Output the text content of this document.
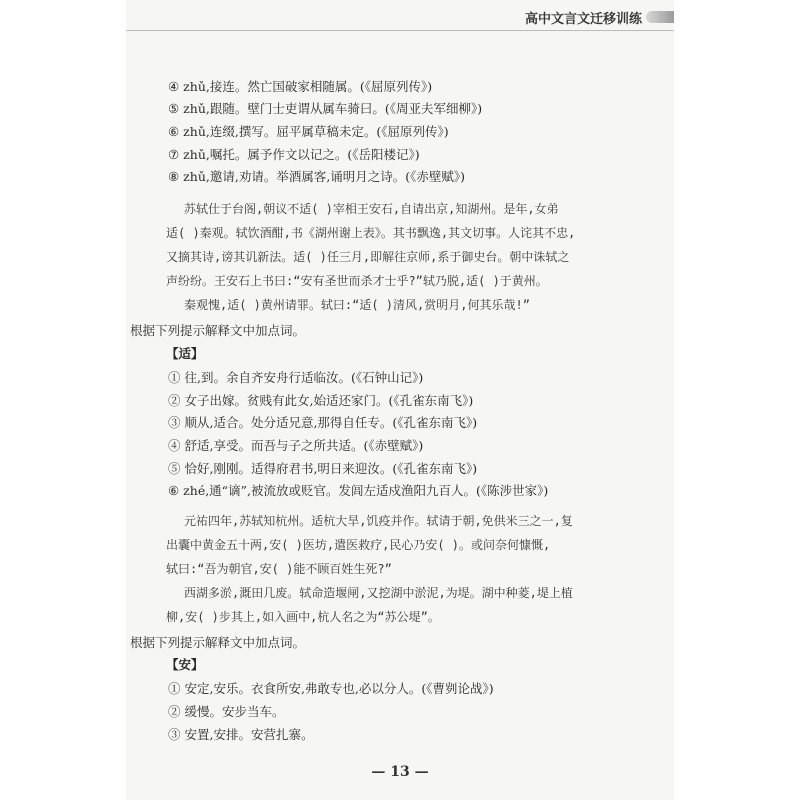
高中文言文迁移训练
④ zhǔ,接连。然亡国破家相随属。(《屈原列传》)
⑤ zhǔ,跟随。壁门士吏谓从属车骑曰。(《周亚夫军细柳》)
⑥ zhǔ,连缀,撰写。屈平属草稿未定。(《屈原列传》)
⑦ zhǔ,嘱托。属予作文以记之。(《岳阳楼记》)
⑧ zhǔ,邀请,劝请。举酒属客,诵明月之诗。(《赤壁赋》)
苏轼仕于台阁,朝议不适( )宰相王安石,自请出京,知湖州。是年,女弟
适( )秦观。轼饮酒酣,书《湖州谢上表》。其书飘逸,其文切事。人诧其不忠,
又摘其诗,谤其讥新法。适( )任三月,即解往京师,系于御史台。朝中诛轼之
声纷纷。王安石上书曰:“安有圣世而杀才士乎?”轼乃脱,适( )于黄州。
秦观愧,适( )黄州请罪。轼曰:“适( )清风,赏明月,何其乐哉!”
根据下列提示解释文中加点词。
【适】
① 往,到。余自齐安舟行适临汝。(《石钟山记》)
② 女子出嫁。贫贱有此女,始适还家门。(《孔雀东南飞》)
③ 顺从,适合。处分适兄意,那得自任专。(《孔雀东南飞》)
④ 舒适,享受。而吾与子之所共适。(《赤壁赋》)
⑤ 恰好,刚刚。适得府君书,明日来迎汝。(《孔雀东南飞》)
⑥ zhé,通“谪”,被流放或贬官。发闾左适戍渔阳九百人。(《陈涉世家》)
元祐四年,苏轼知杭州。适杭大旱,饥疫并作。轼请于朝,免供米三之一,复
出囊中黄金五十两,安( )医坊,遣医救疗,民心乃安( )。或问奈何慷慨,
轼曰:“吾为朝官,安( )能不顾百姓生死?”
西湖多淤,溉田几废。轼命造堰闸,又挖湖中淤泥,为堤。湖中种菱,堤上植
柳,安( )步其上,如入画中,杭人名之为“苏公堤”。
根据下列提示解释文中加点词。
【安】
① 安定,安乐。衣食所安,弗敢专也,必以分人。(《曹刿论战》)
② 缓慢。安步当车。
③ 安置,安排。安营扎寨。
— 13 —
